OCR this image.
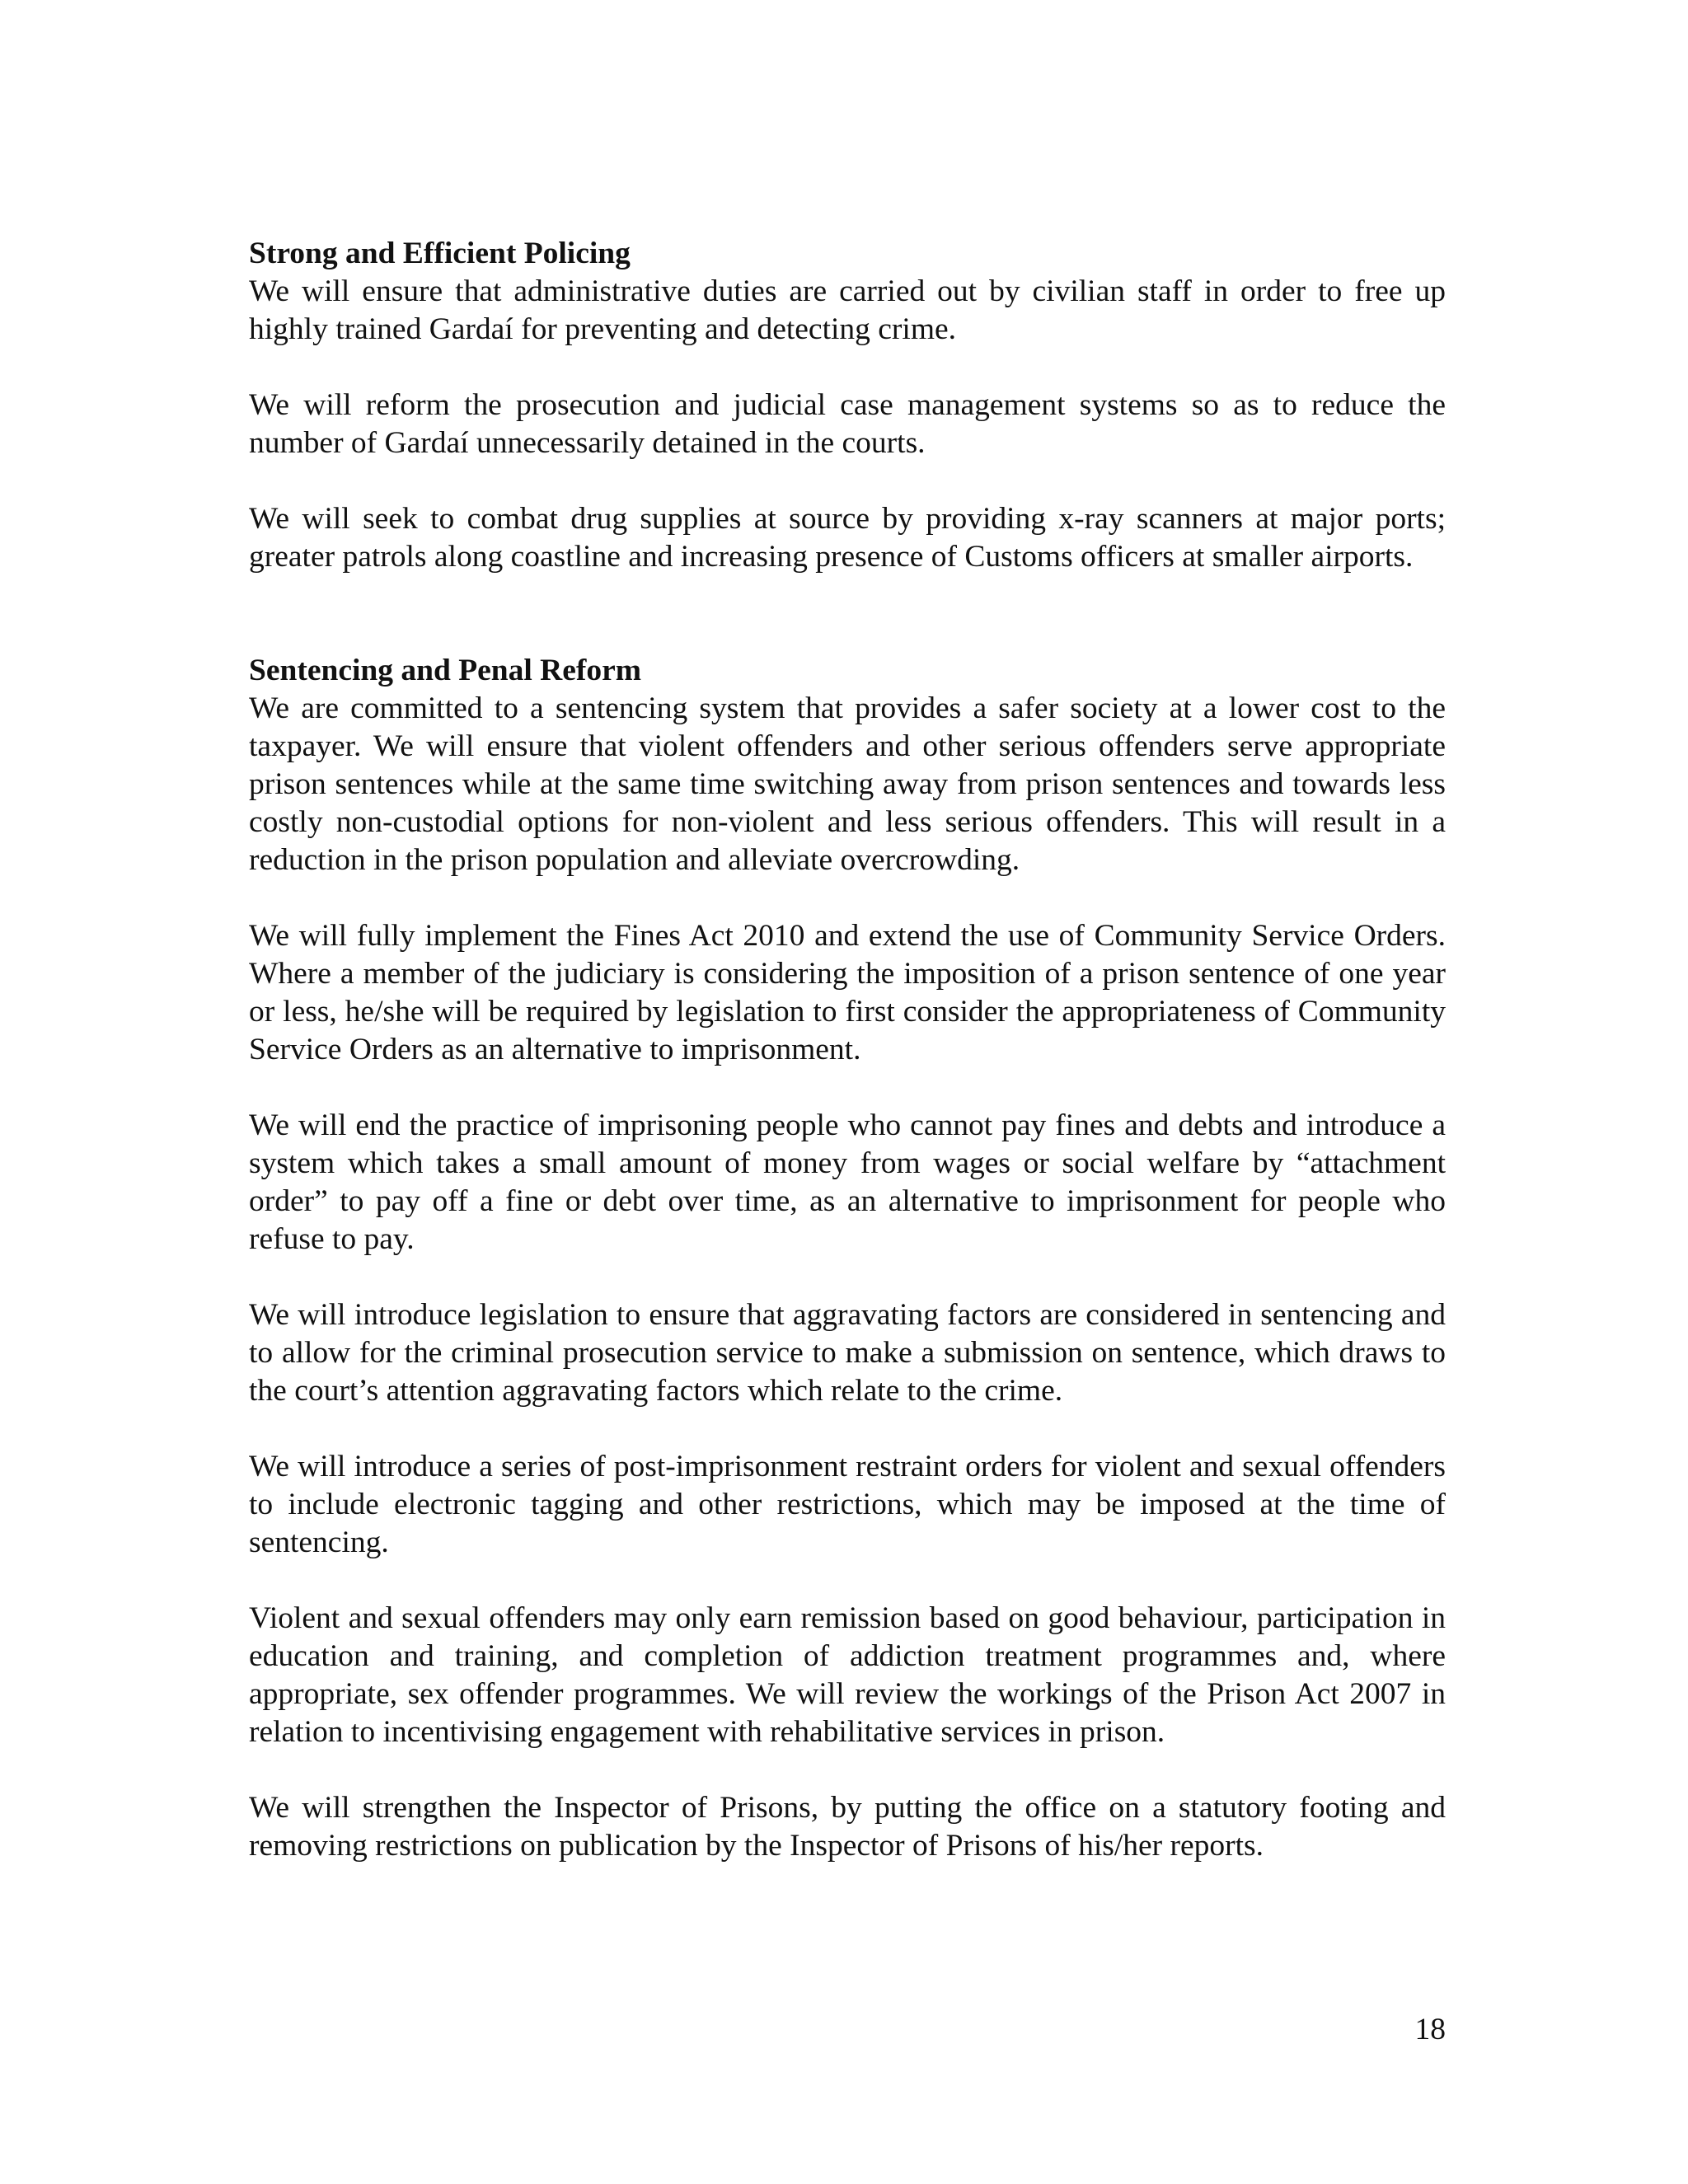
Strong and Efficient Policing

We will ensure that administrative duties are carried out by civilian staff in order to free up highly trained Gardaí for preventing and detecting crime.

We will reform the prosecution and judicial case management systems so as to reduce the number of Gardaí unnecessarily detained in the courts.

We will seek to combat drug supplies at source by providing x-ray scanners at major ports; greater patrols along coastline and increasing presence of Customs officers at smaller airports.

Sentencing and Penal Reform

We are committed to a sentencing system that provides a safer society at a lower cost to the taxpayer. We will ensure that violent offenders and other serious offenders serve appropriate prison sentences while at the same time switching away from prison sentences and towards less costly non-custodial options for non-violent and less serious offenders. This will result in a reduction in the prison population and alleviate overcrowding.

We will fully implement the Fines Act 2010 and extend the use of Community Service Orders. Where a member of the judiciary is considering the imposition of a prison sentence of one year or less, he/she will be required by legislation to first consider the appropriateness of Community Service Orders as an alternative to imprisonment.

We will end the practice of imprisoning people who cannot pay fines and debts and introduce a system which takes a small amount of money from wages or social welfare by “attachment order” to pay off a fine or debt over time, as an alternative to imprisonment for people who refuse to pay.

We will introduce legislation to ensure that aggravating factors are considered in sentencing and to allow for the criminal prosecution service to make a submission on sentence, which draws to the court’s attention aggravating factors which relate to the crime.

We will introduce a series of post-imprisonment restraint orders for violent and sexual offenders to include electronic tagging and other restrictions, which may be imposed at the time of sentencing.

Violent and sexual offenders may only earn remission based on good behaviour, participation in education and training, and completion of addiction treatment programmes and, where appropriate, sex offender programmes. We will review the workings of the Prison Act 2007 in relation to incentivising engagement with rehabilitative services in prison.

We will strengthen the Inspector of Prisons, by putting the office on a statutory footing and removing restrictions on publication by the Inspector of Prisons of his/her reports.

18
